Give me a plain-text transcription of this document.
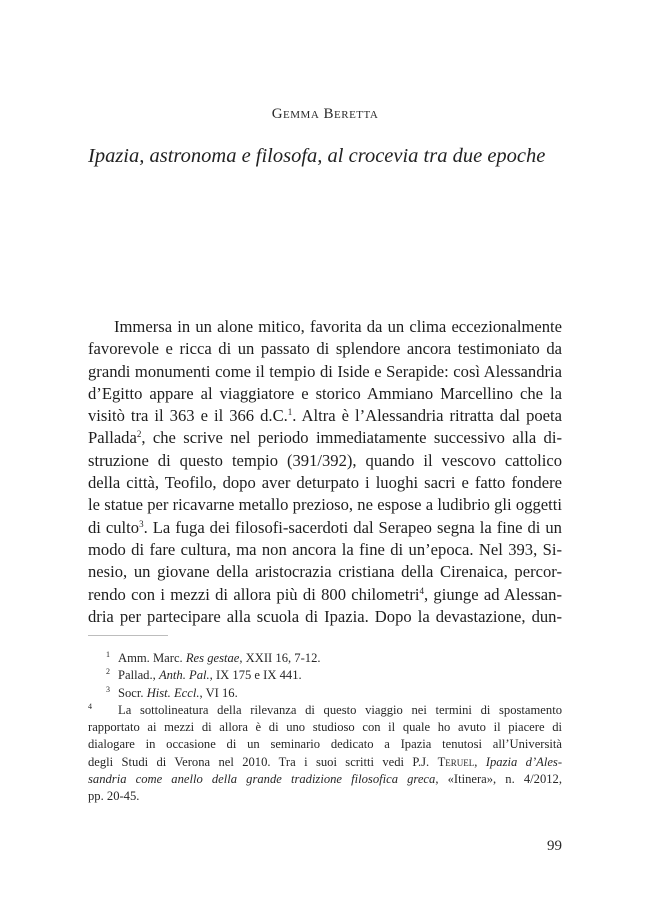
Gemma Beretta
Ipazia, astronoma e filosofa, al crocevia tra due epoche
Immersa in un alone mitico, favorita da un clima eccezionalmente
favorevole e ricca di un passato di splendore ancora testimoniato da
grandi monumenti come il tempio di Iside e Serapide: così Alessandria
d’Egitto appare al viaggiatore e storico Ammiano Marcellino che la
visitò tra il 363 e il 366 d.C.$^1$. Altra è l’Alessandria ritratta dal poeta
Pallada$^2$, che scrive nel periodo immediatamente successivo alla di-
struzione di questo tempio (391/392), quando il vescovo cattolico
della città, Teofilo, dopo aver deturpato i luoghi sacri e fatto fondere
le statue per ricavarne metallo prezioso, ne espose a ludibrio gli oggetti
di culto$^3$. La fuga dei filosofi-sacerdoti dal Serapeo segna la fine di un
modo di fare cultura, ma non ancora la fine di un’epoca. Nel 393, Si-
nesio, un giovane della aristocrazia cristiana della Cirenaica, percor-
rendo con i mezzi di allora più di 800 chilometri$^4$, giunge ad Alessan-
dria per partecipare alla scuola di Ipazia. Dopo la devastazione, dun-
$^1$ Amm. Marc. Res gestae, XXII 16, 7-12.
$^2$ Pallad., Anth. Pal., IX 175 e IX 441.
$^3$ Socr. Hist. Eccl., VI 16.
$^4$ La sottolineatura della rilevanza di questo viaggio nei termini di spostamento
rapportato ai mezzi di allora è di uno studioso con il quale ho avuto il piacere di
dialogare in occasione di un seminario dedicato a Ipazia tenutosi all’Università
degli Studi di Verona nel 2010. Tra i suoi scritti vedi P.J. Teruel, Ipazia d’Ales-
sandria come anello della grande tradizione filosofica greca, «Itinera», n. 4/2012,
pp. 20-45.
99
